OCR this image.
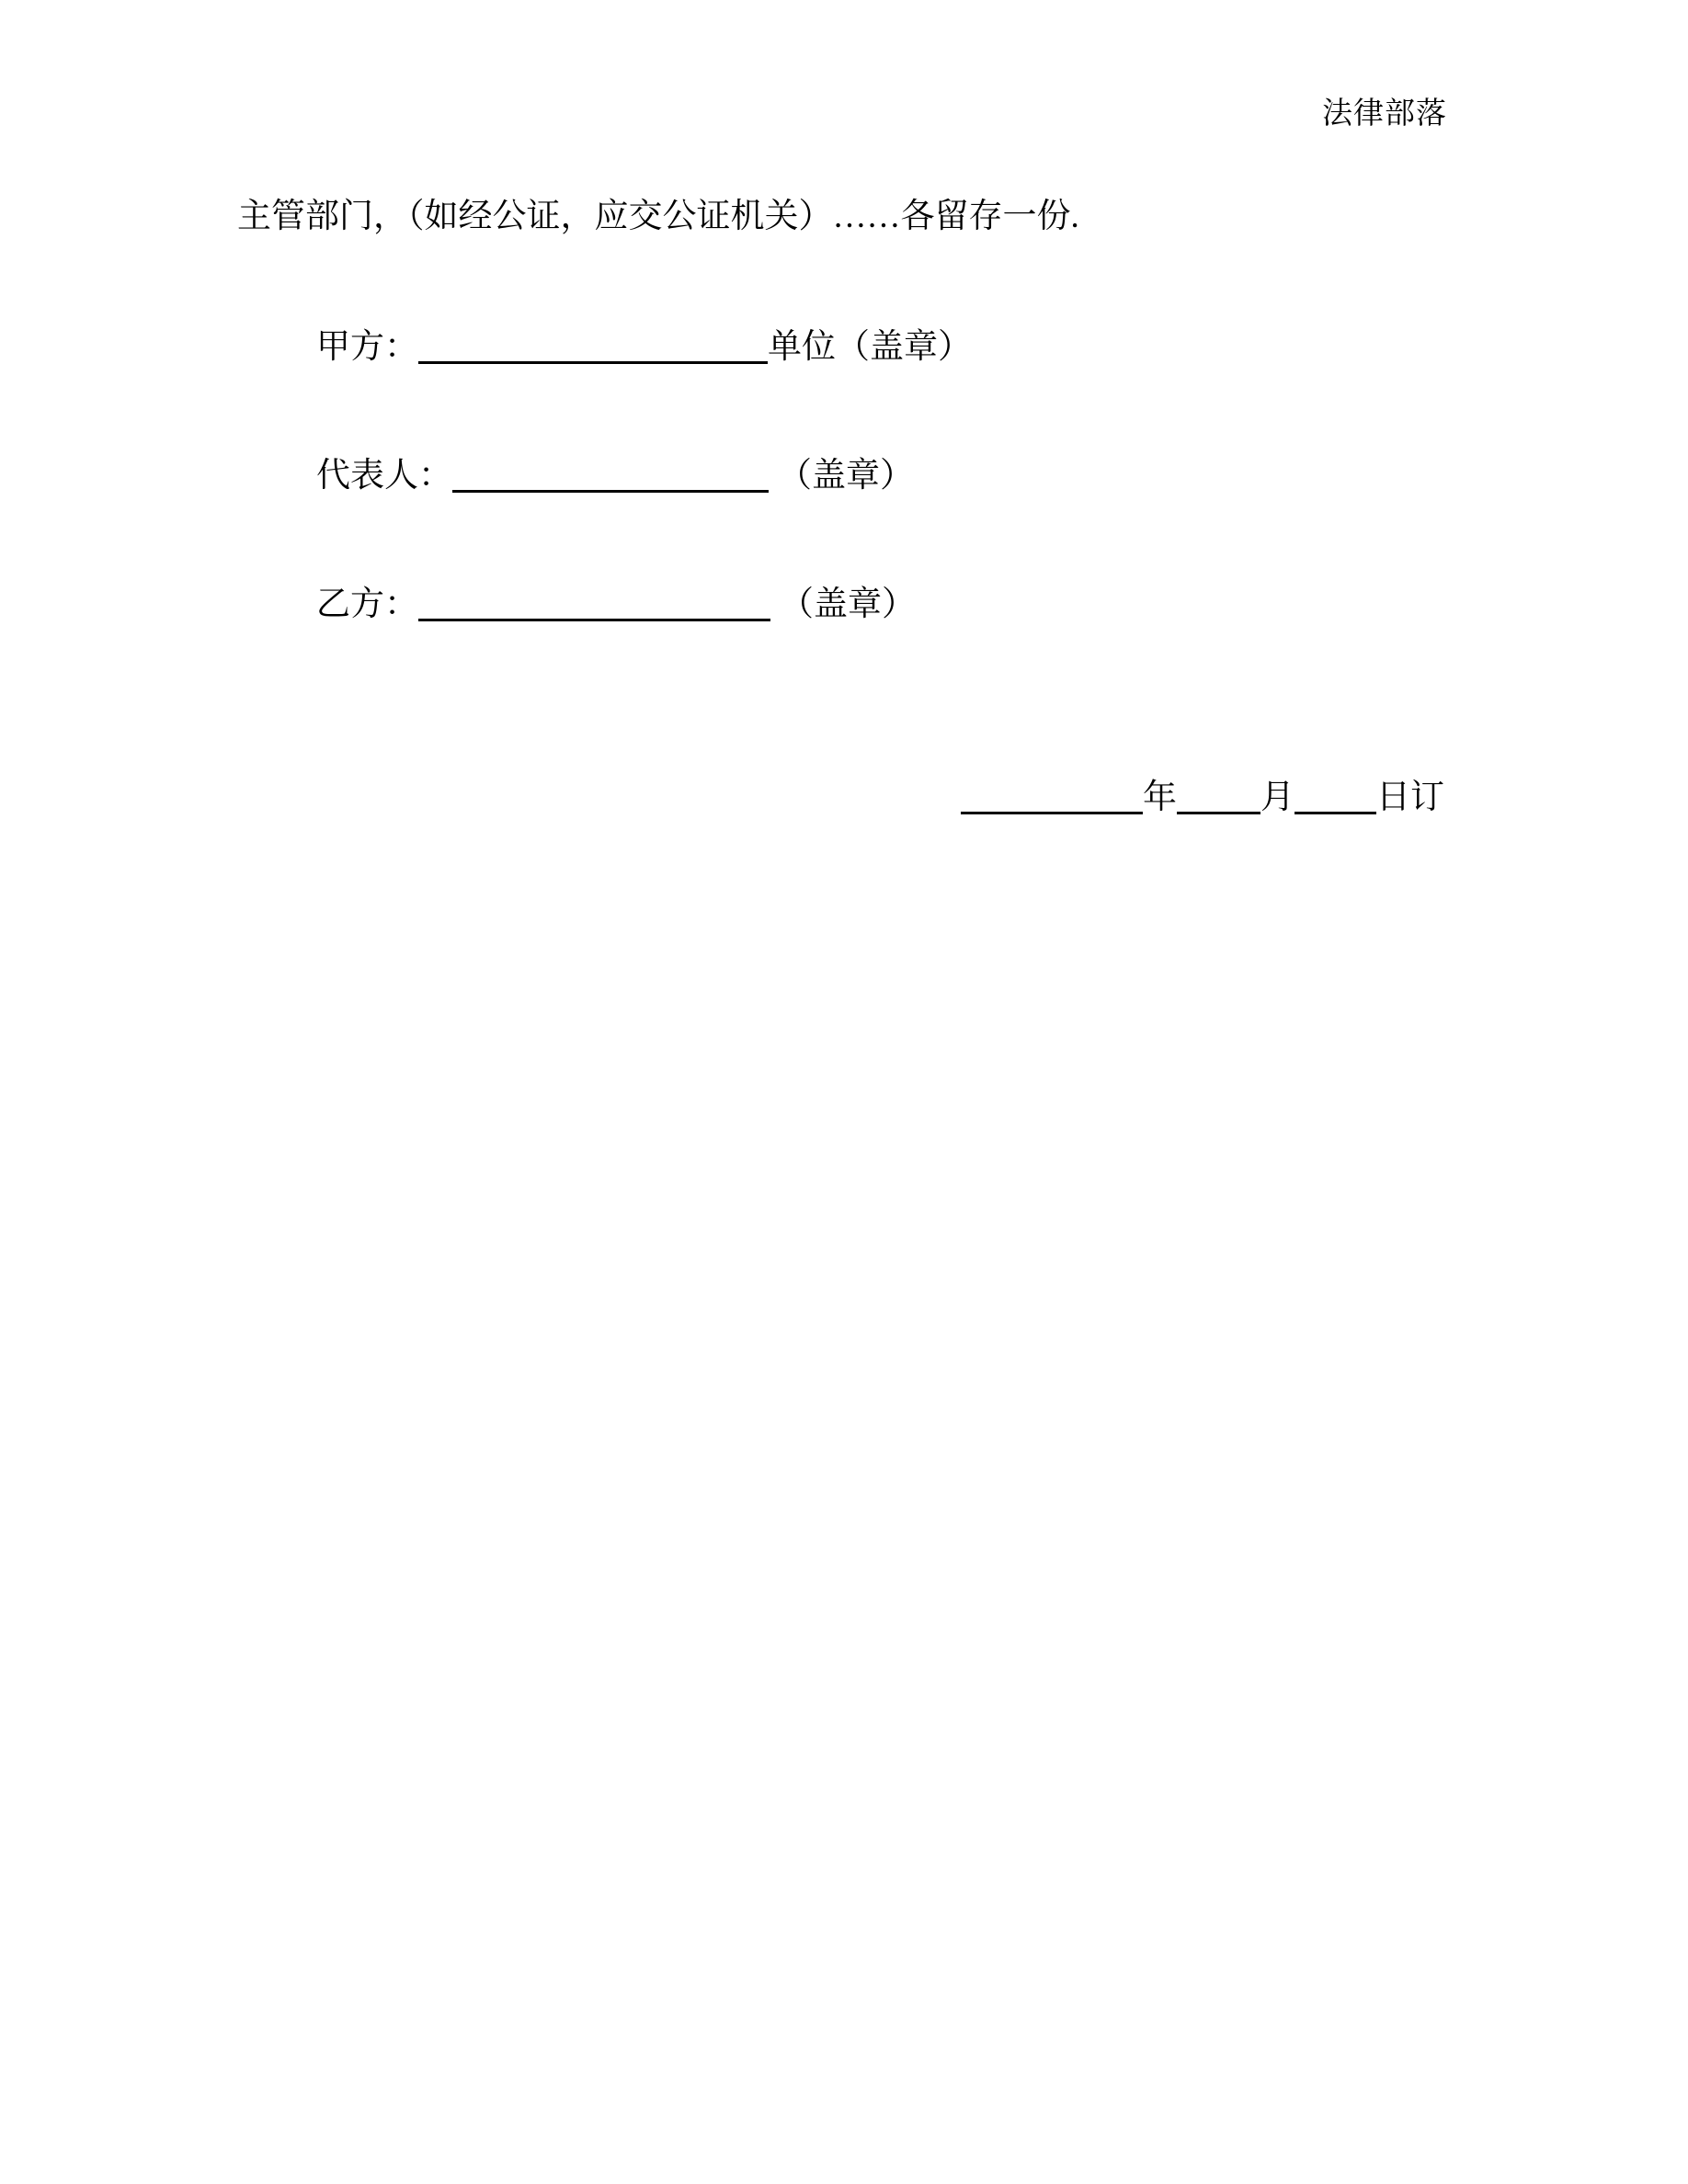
法律部落
主管部门，（如经公证，应交公证机关）……各留存一份.
甲方：	单位（盖章）
代表人：	（盖章）
乙方：	（盖章）
年 月 日订
